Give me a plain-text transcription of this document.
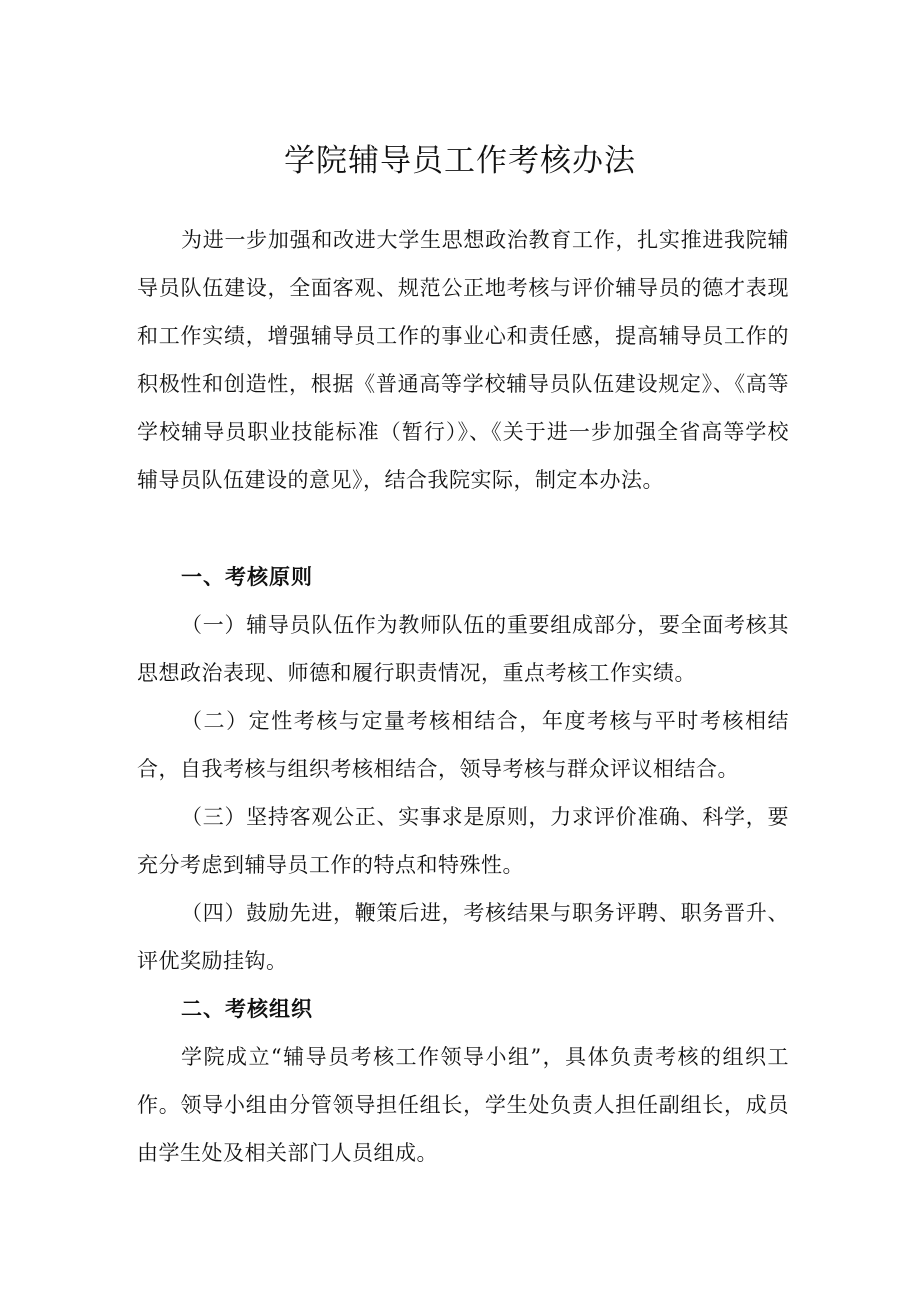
学院辅导员工作考核办法

为进一步加强和改进大学生思想政治教育工作，扎实推进我院辅导员队伍建设，全面客观、规范公正地考核与评价辅导员的德才表现和工作实绩，增强辅导员工作的事业心和责任感，提高辅导员工作的积极性和创造性，根据《普通高等学校辅导员队伍建设规定》、《高等学校辅导员职业技能标准（暂行）》、《关于进一步加强全省高等学校辅导员队伍建设的意见》，结合我院实际，制定本办法。

一、考核原则

（一）辅导员队伍作为教师队伍的重要组成部分，要全面考核其思想政治表现、师德和履行职责情况，重点考核工作实绩。

（二）定性考核与定量考核相结合，年度考核与平时考核相结合，自我考核与组织考核相结合，领导考核与群众评议相结合。

（三）坚持客观公正、实事求是原则，力求评价准确、科学，要充分考虑到辅导员工作的特点和特殊性。

（四）鼓励先进，鞭策后进，考核结果与职务评聘、职务晋升、评优奖励挂钩。

二、考核组织

学院成立“辅导员考核工作领导小组”，具体负责考核的组织工作。领导小组由分管领导担任组长，学生处负责人担任副组长，成员由学生处及相关部门人员组成。
